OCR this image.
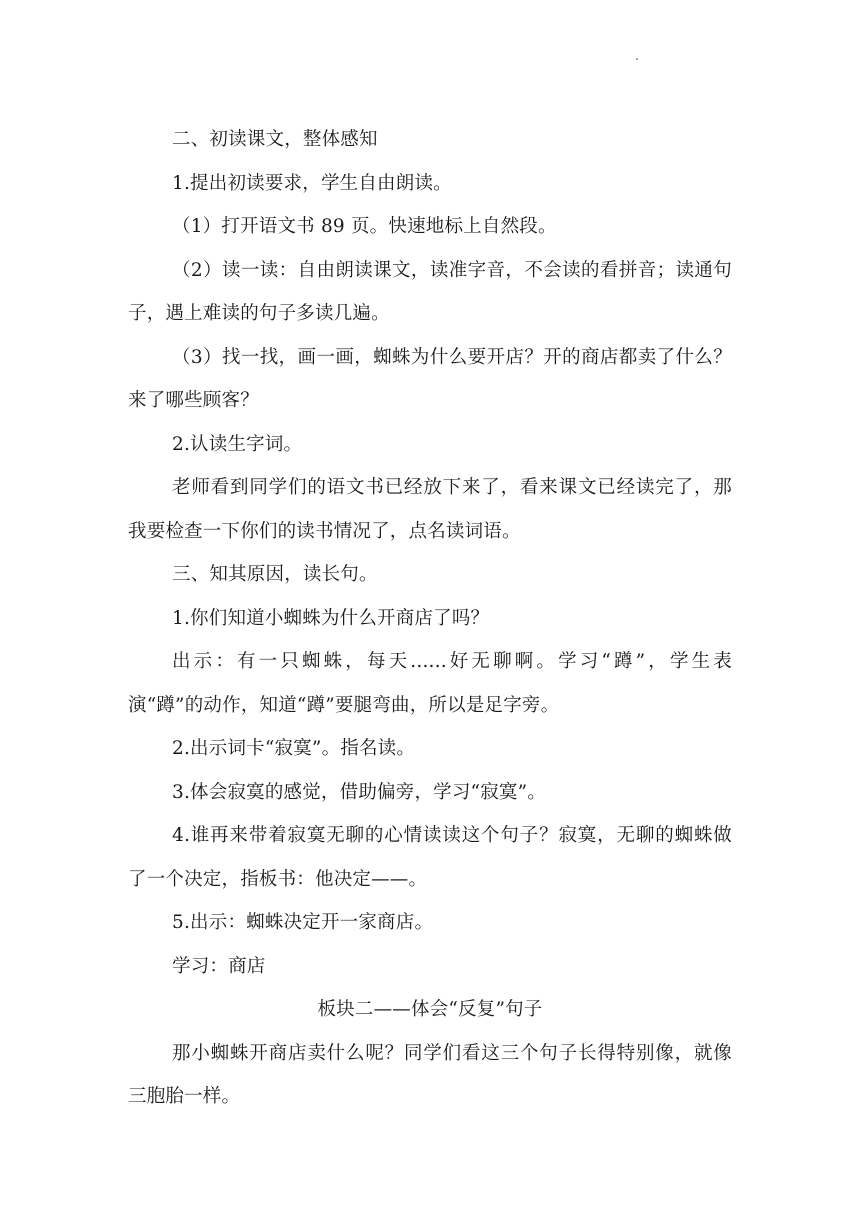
二、初读课文，整体感知

1.提出初读要求，学生自由朗读。

（1）打开语文书 89 页。快速地标上自然段。

（2）读一读：自由朗读课文，读准字音，不会读的看拼音；读通句子，遇上难读的句子多读几遍。

（3）找一找，画一画，蜘蛛为什么要开店？开的商店都卖了什么？来了哪些顾客？

2.认读生字词。

老师看到同学们的语文书已经放下来了，看来课文已经读完了，那我要检查一下你们的读书情况了，点名读词语。

三、知其原因，读长句。

1.你们知道小蜘蛛为什么开商店了吗？

出示：有一只蜘蛛，每天......好无聊啊。学习“蹲”，学生表演“蹲”的动作，知道“蹲”要腿弯曲，所以是足字旁。

2.出示词卡“寂寞”。指名读。

3.体会寂寞的感觉，借助偏旁，学习“寂寞”。

4.谁再来带着寂寞无聊的心情读读这个句子？寂寞，无聊的蜘蛛做了一个决定，指板书：他决定——。

5.出示：蜘蛛决定开一家商店。

学习：商店

板块二——体会“反复”句子

那小蜘蛛开商店卖什么呢？同学们看这三个句子长得特别像，就像三胞胎一样。
